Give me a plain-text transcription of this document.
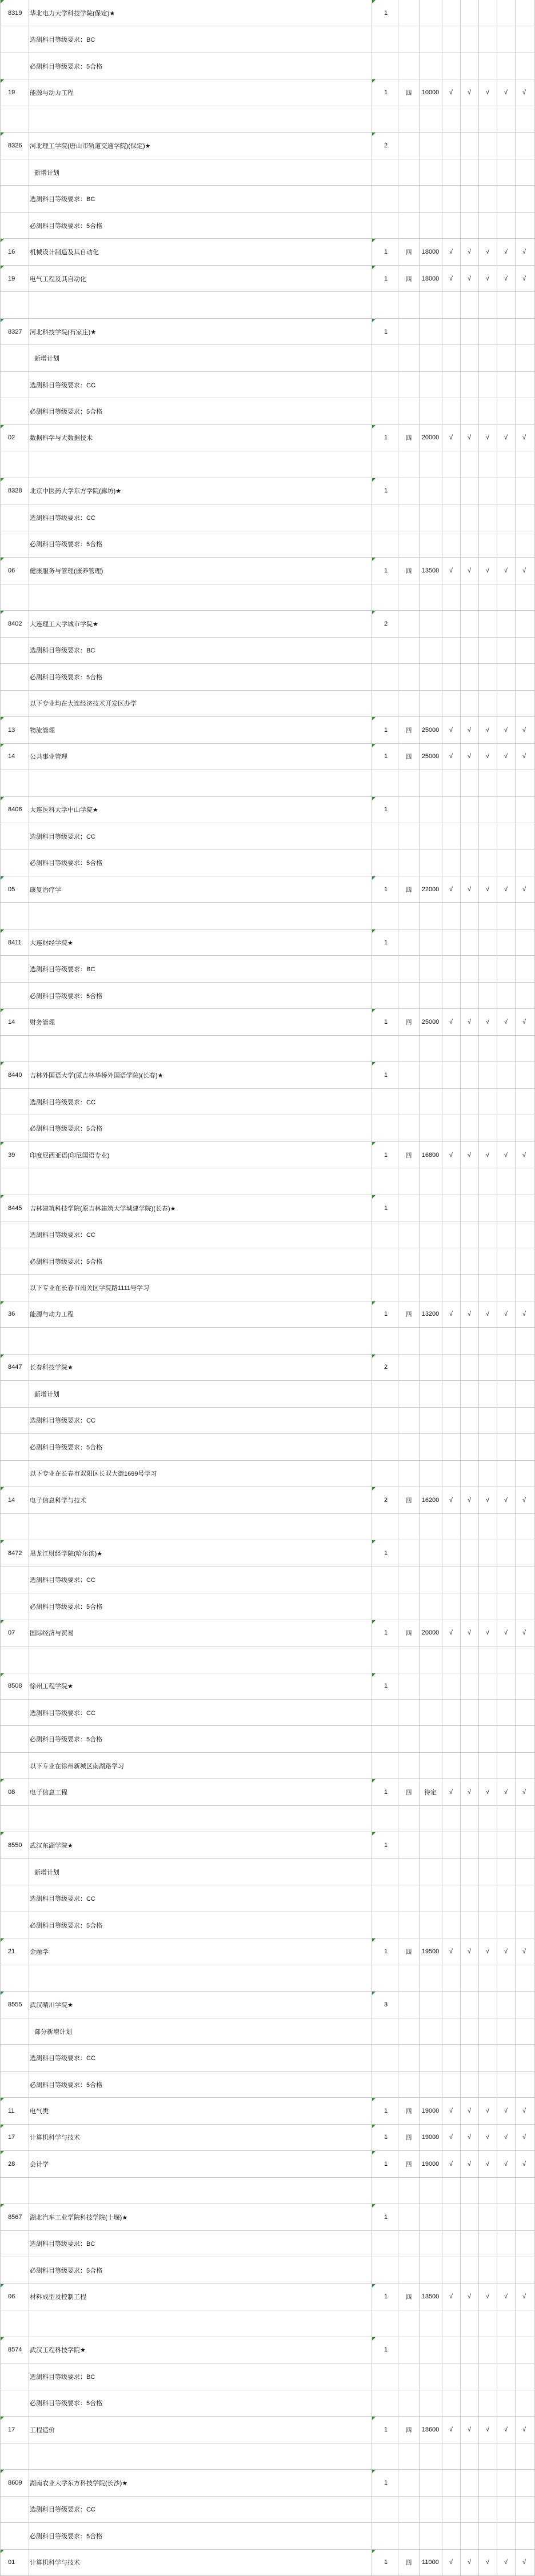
8319	华北电力大学科技学院(保定)★	1
选测科目等级要求：BC
必测科目等级要求：5合格
19	能源与动力工程	1	四	10000	√	√	√	√	√
8326	河北理工学院(唐山市轨道交通学院)(保定)★	2
新增计划
选测科目等级要求：BC
必测科目等级要求：5合格
16	机械设计制造及其自动化	1	四	18000	√	√	√	√	√
19	电气工程及其自动化	1	四	18000	√	√	√	√	√
8327	河北科技学院(石家庄)★	1
新增计划
选测科目等级要求：CC
必测科目等级要求：5合格
02	数据科学与大数据技术	1	四	20000	√	√	√	√	√
8328	北京中医药大学东方学院(廊坊)★	1
选测科目等级要求：CC
必测科目等级要求：5合格
06	健康服务与管理(康养管理)	1	四	13500	√	√	√	√	√
8402	大连理工大学城市学院★	2
选测科目等级要求：BC
必测科目等级要求：5合格
以下专业均在大连经济技术开发区办学
13	物流管理	1	四	25000	√	√	√	√	√
14	公共事业管理	1	四	25000	√	√	√	√	√
8406	大连医科大学中山学院★	1
选测科目等级要求：CC
必测科目等级要求：5合格
05	康复治疗学	1	四	22000	√	√	√	√	√
8411	大连财经学院★	1
选测科目等级要求：BC
必测科目等级要求：5合格
14	财务管理	1	四	25000	√	√	√	√	√
8440	吉林外国语大学(原吉林华桥外国语学院)(长春)★	1
选测科目等级要求：CC
必测科目等级要求：5合格
39	印度尼西亚语(印尼国语专业)	1	四	16800	√	√	√	√	√
8445	吉林建筑科技学院(原吉林建筑大学城建学院)(长春)★	1
选测科目等级要求：CC
必测科目等级要求：5合格
以下专业在长春市南关区学院路1111号学习
36	能源与动力工程	1	四	13200	√	√	√	√	√
8447	长春科技学院★	2
新增计划
选测科目等级要求：CC
必测科目等级要求：5合格
以下专业在长春市双阳区长双大街1699号学习
14	电子信息科学与技术	2	四	16200	√	√	√	√	√
8472	黑龙江财经学院(哈尔滨)★	1
选测科目等级要求：CC
必测科目等级要求：5合格
07	国际经济与贸易	1	四	20000	√	√	√	√	√
8508	徐州工程学院★	1
选测科目等级要求：CC
必测科目等级要求：5合格
以下专业在徐州新城区南湖路学习
08	电子信息工程	1	四	待定	√	√	√	√	√
8550	武汉东湖学院★	1
新增计划
选测科目等级要求：CC
必测科目等级要求：5合格
21	金融学	1	四	19500	√	√	√	√	√
8555	武汉晴川学院★	3
部分新增计划
选测科目等级要求：CC
必测科目等级要求：5合格
11	电气类	1	四	19000	√	√	√	√	√
17	计算机科学与技术	1	四	19000	√	√	√	√	√
28	会计学	1	四	19000	√	√	√	√	√
8567	湖北汽车工业学院科技学院(十堰)★	1
选测科目等级要求：BC
必测科目等级要求：5合格
06	材料成型及控制工程	1	四	13500	√	√	√	√	√
8574	武汉工程科技学院★	1
选测科目等级要求：BC
必测科目等级要求：5合格
17	工程造价	1	四	18600	√	√	√	√	√
8609	湖南农业大学东方科技学院(长沙)★	1
选测科目等级要求：CC
必测科目等级要求：5合格
01	计算机科学与技术	1	四	11000	√	√	√	√	√
